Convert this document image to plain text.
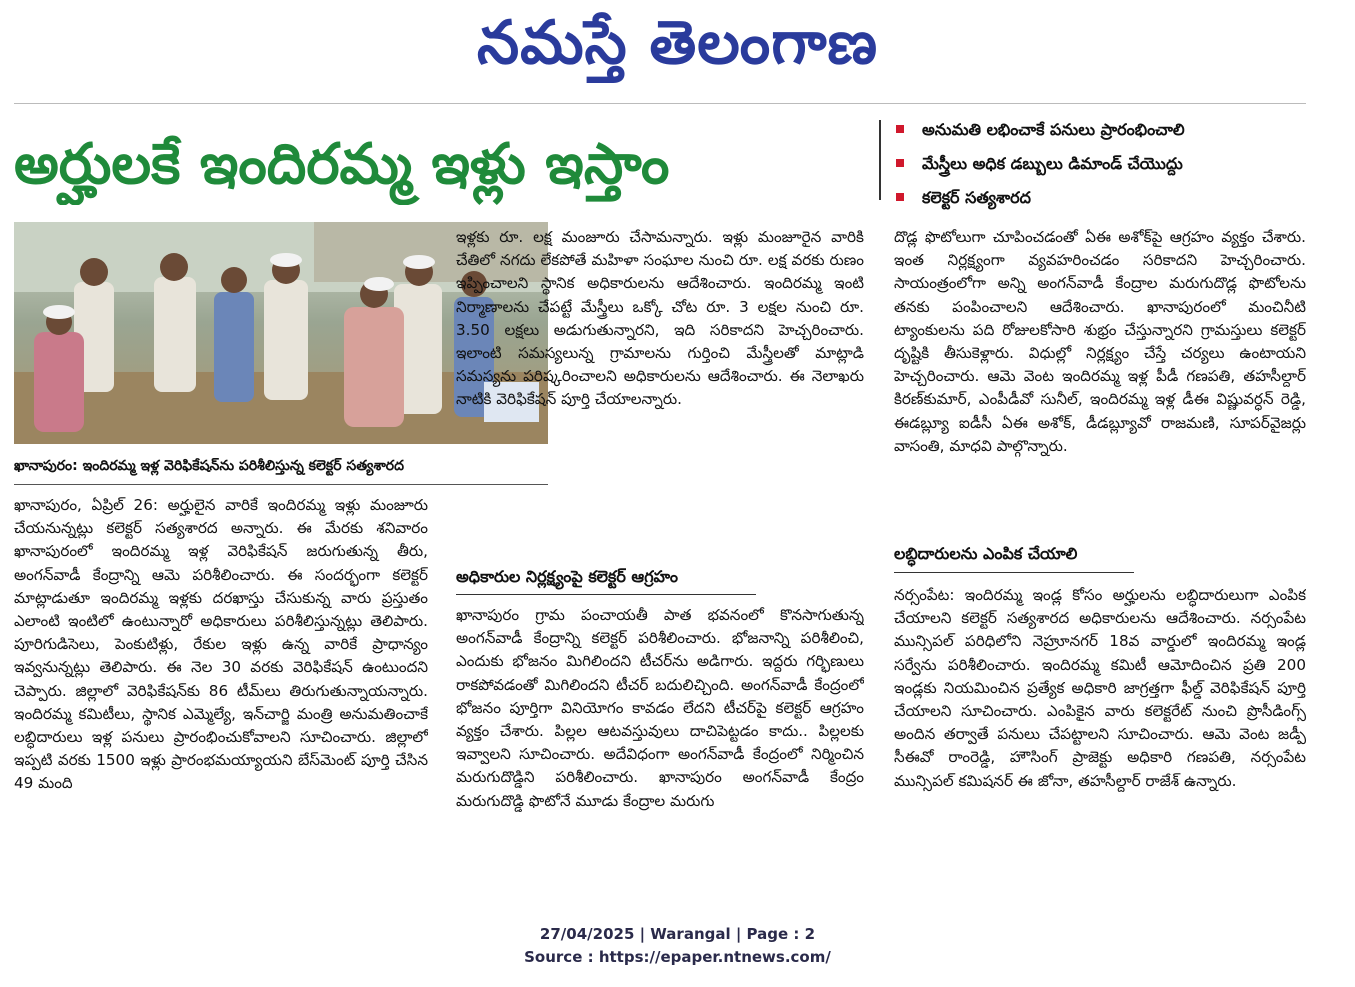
నమస్తే తెలంగాణ
అర్హులకే ఇందిరమ్మ ఇళ్లు ఇస్తాం
అనుమతి లభించాకే పనులు ప్రారంభించాలి
మేస్త్రీలు అధిక డబ్బులు డిమాండ్ చేయొద్దు
కలెక్టర్ సత్యశారద
ఖానాపురం: ఇందిరమ్మ ఇళ్ల వెరిఫికేషన్‌ను పరిశీలిస్తున్న కలెక్టర్ సత్యశారద
ఖానాపురం, ఏప్రిల్ 26: అర్హులైన వారికే ఇందిరమ్మ ఇళ్లు మంజూరు చేయనున్నట్లు కలెక్టర్ సత్యశారద అన్నారు. ఈ మేరకు శనివారం ఖానాపురంలో ఇందిరమ్మ ఇళ్ల వెరిఫికేషన్ జరుగుతున్న తీరు, అంగన్‌వాడీ కేంద్రాన్ని ఆమె పరిశీలించారు. ఈ సందర్భంగా కలెక్టర్ మాట్లాడుతూ ఇందిరమ్మ ఇళ్లకు దరఖాస్తు చేసుకున్న వారు ప్రస్తుతం ఎలాంటి ఇంటిలో ఉంటున్నారో అధికారులు పరిశీలిస్తున్నట్లు తెలిపారు. పూరిగుడిసెలు, పెంకుటిళ్లు, రేకుల ఇళ్లు ఉన్న వారికే ప్రాధాన్యం ఇవ్వనున్నట్లు తెలిపారు. ఈ నెల 30 వరకు వెరిఫికేషన్ ఉంటుందని చెప్పారు. జిల్లాలో వెరిఫికేషన్‌కు 86 టీమ్‌లు తిరుగుతున్నాయన్నారు. ఇందిరమ్మ కమిటీలు, స్థానిక ఎమ్మెల్యే, ఇన్‌చార్జి మంత్రి అనుమతించాకే లబ్ధిదారులు ఇళ్ల పనులు ప్రారంభించుకోవాలని సూచించారు. జిల్లాలో ఇప్పటి వరకు 1500 ఇళ్లు ప్రారంభమయ్యాయని బేస్‌మెంట్ పూర్తి చేసిన 49 మంది
ఇళ్లకు రూ. లక్ష మంజూరు చేసామన్నారు. ఇళ్లు మంజూరైన వారికి చేతిలో నగదు లేకపోతే మహిళా సంఘాల నుంచి రూ. లక్ష వరకు రుణం ఇప్పించాలని స్థానిక అధికారులను ఆదేశించారు. ఇందిరమ్మ ఇంటి నిర్మాణాలను చేపట్టే మేస్త్రీలు ఒక్కో చోట రూ. 3 లక్షల నుంచి రూ. 3.50 లక్షలు అడుగుతున్నారని, ఇది సరికాదని హెచ్చరించారు. ఇలాంటి సమస్యలున్న గ్రామాలను గుర్తించి మేస్త్రీలతో మాట్లాడి సమస్యను పరిష్కరించాలని అధికారులను ఆదేశించారు. ఈ నెలాఖరు నాటికి వెరిఫికేషన్ పూర్తి చేయాలన్నారు.
అధికారుల నిర్లక్ష్యంపై కలెక్టర్ ఆగ్రహం
ఖానాపురం గ్రామ పంచాయతీ పాత భవనంలో కొనసాగుతున్న అంగన్‌వాడీ కేంద్రాన్ని కలెక్టర్ పరిశీలించారు. భోజనాన్ని పరిశీలించి, ఎందుకు భోజనం మిగిలిందని టీచర్‌ను అడిగారు. ఇద్దరు గర్భిణులు రాకపోవడంతో మిగిలిందని టీచర్ బదులిచ్చింది. అంగన్‌వాడీ కేంద్రంలో భోజనం పూర్తిగా వినియోగం కావడం లేదని టీచర్‌పై కలెక్టర్ ఆగ్రహం వ్యక్తం చేశారు. పిల్లల ఆటవస్తువులు దాచిపెట్టడం కాదు.. పిల్లలకు ఇవ్వాలని సూచించారు. అదేవిధంగా అంగన్‌వాడీ కేంద్రంలో నిర్మించిన మరుగుదొడ్డిని పరిశీలించారు. ఖానాపురం అంగన్‌వాడీ కేంద్రం మరుగుదొడ్డి ఫొటోనే మూడు కేంద్రాల మరుగు
దొడ్ల ఫొటోలుగా చూపించడంతో ఏఈ అశోక్‌పై ఆగ్రహం వ్యక్తం చేశారు. ఇంత నిర్లక్ష్యంగా వ్యవహరించడం సరికాదని హెచ్చరించారు. సాయంత్రంలోగా అన్ని అంగన్‌వాడీ కేంద్రాల మరుగుదొడ్ల ఫొటోలను తనకు పంపించాలని ఆదేశించారు. ఖానాపురంలో మంచినీటి ట్యాంకులను పది రోజులకోసారి శుభ్రం చేస్తున్నారని గ్రామస్తులు కలెక్టర్ దృష్టికి తీసుకెళ్లారు. విధుల్లో నిర్లక్ష్యం చేస్తే చర్యలు ఉంటాయని హెచ్చరించారు. ఆమె వెంట ఇందిరమ్మ ఇళ్ల పీడీ గణపతి, తహసీల్దార్ కిరణ్‌కుమార్, ఎంపీడీవో సునీల్, ఇందిరమ్మ ఇళ్ల డీఈ విష్ణువర్ధన్ రెడ్డి, ఈడబ్ల్యూ ఐడీసీ ఏఈ అశోక్, డీడబ్ల్యూవో రాజమణి, సూపర్‌వైజర్లు వాసంతి, మాధవి పాల్గొన్నారు.
లబ్ధిదారులను ఎంపిక చేయాలి
నర్సంపేట: ఇందిరమ్మ ఇండ్ల కోసం అర్హులను లబ్ధిదారులుగా ఎంపిక చేయాలని కలెక్టర్ సత్యశారద అధికారులను ఆదేశించారు. నర్సంపేట మున్సిపల్ పరిధిలోని నెహ్రూనగర్ 18వ వార్డులో ఇందిరమ్మ ఇండ్ల సర్వేను పరిశీలించారు. ఇందిరమ్మ కమిటీ ఆమోదించిన ప్రతి 200 ఇండ్లకు నియమించిన ప్రత్యేక అధికారి జాగ్రత్తగా ఫీల్డ్ వెరిఫికేషన్ పూర్తి చేయాలని సూచించారు. ఎంపికైన వారు కలెక్టరేట్ నుంచి ప్రొసీడింగ్స్ అందిన తర్వాతే పనులు చేపట్టాలని సూచించారు. ఆమె వెంట జడ్పీ సీఈవో రాంరెడ్డి, హౌసింగ్ ప్రాజెక్టు అధికారి గణపతి, నర్సంపేట మున్సిపల్ కమిషనర్ ఈ జోనా, తహసీల్దార్ రాజేశ్ ఉన్నారు.
27/04/2025 | Warangal | Page : 2
Source : https://epaper.ntnews.com/
